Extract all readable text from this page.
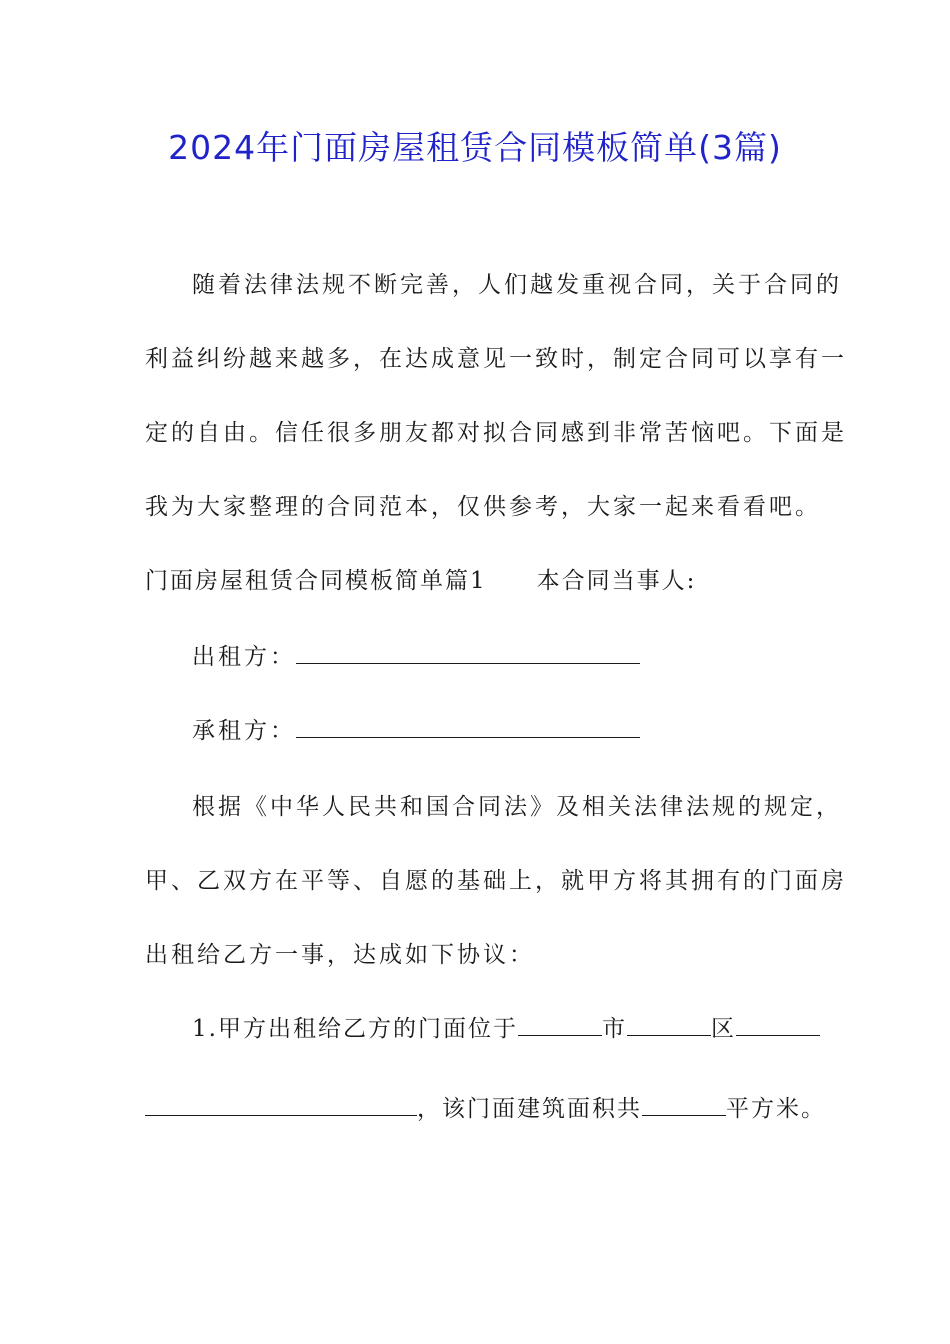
2024年门面房屋租赁合同模板简单(3篇)
随着法律法规不断完善，人们越发重视合同，关于合同的
利益纠纷越来越多，在达成意见一致时，制定合同可以享有一
定的自由。信任很多朋友都对拟合同感到非常苦恼吧。下面是
我为大家整理的合同范本，仅供参考，大家一起来看看吧。
门面房屋租赁合同模板简单篇1 本合同当事人:
出租方：
承租方：
根据《中华人民共和国合同法》及相关法律法规的规定，
甲、乙双方在平等、自愿的基础上，就甲方将其拥有的门面房
出租给乙方一事，达成如下协议：
1.甲方出租给乙方的门面位于	市	区
，该门面建筑面积共	平方米。
